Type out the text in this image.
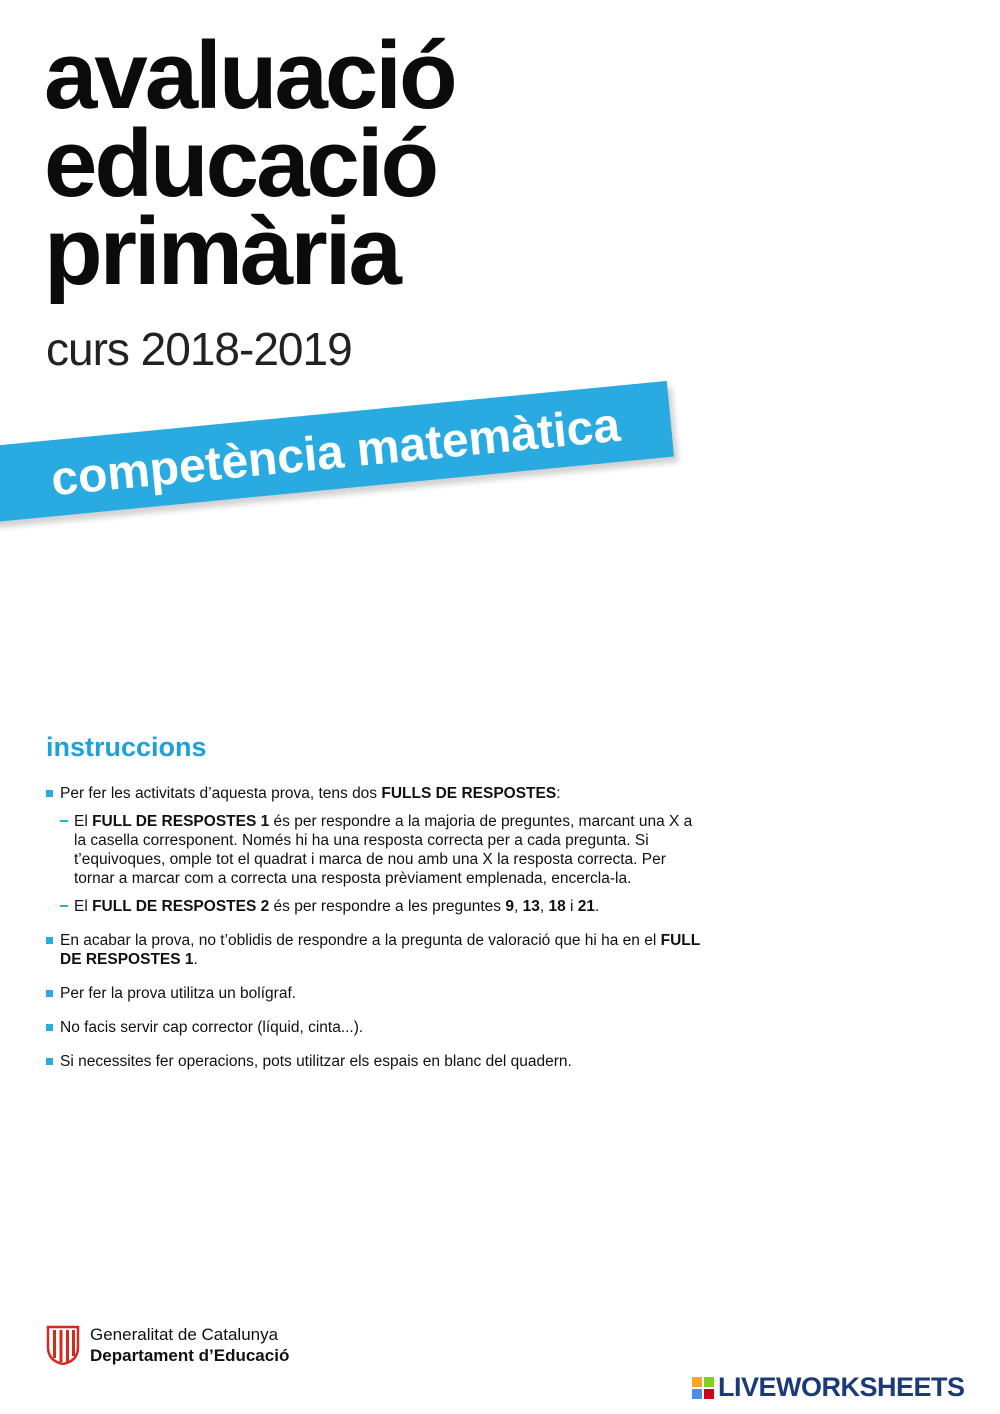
avaluació
educació
primària
curs 2018-2019
competència matemàtica
instruccions
Per fer les activitats d’aquesta prova, tens dos FULLS DE RESPOSTES:
El FULL DE RESPOSTES 1 és per respondre a la majoria de preguntes, marcant una X a la casella corresponent. Només hi ha una resposta correcta per a cada pregunta. Si t’equivoques, omple tot el quadrat i marca de nou amb una X la resposta correcta. Per tornar a marcar com a correcta una resposta prèviament emplenada, encercla-la.
El FULL DE RESPOSTES 2 és per respondre a les preguntes 9, 13, 18 i 21.
En acabar la prova, no t’oblidis de respondre a la pregunta de valoració que hi ha en el FULL DE RESPOSTES 1.
Per fer la prova utilitza un bolígraf.
No facis servir cap corrector (líquid, cinta...).
Si necessites fer operacions, pots utilitzar els espais en blanc del quadern.
Generalitat de Catalunya
Departament d’Educació
LIVEWORKSHEETS
